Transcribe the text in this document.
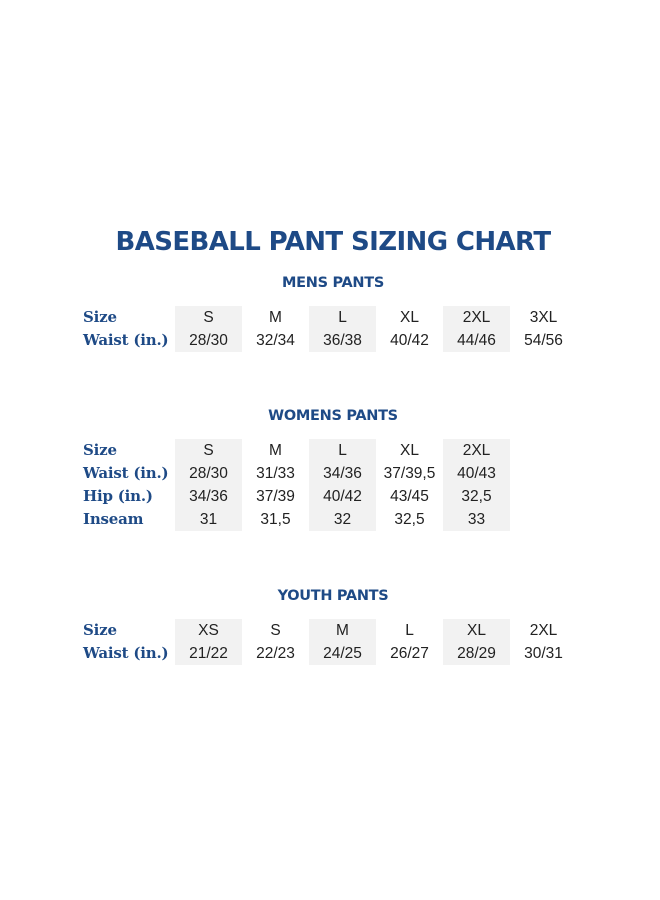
BASEBALL PANT SIZING CHART
MENS PANTS
Size	S	M	L	XL	2XL	3XL
Waist (in.)	28/30	32/34	36/38	40/42	44/46	54/56
WOMENS PANTS
Size	S	M	L	XL	2XL
Waist (in.)	28/30	31/33	34/36	37/39,5	40/43
Hip (in.)	34/36	37/39	40/42	43/45	32,5
Inseam	31	31,5	32	32,5	33
YOUTH PANTS
Size	XS	S	M	L	XL	2XL
Waist (in.)	21/22	22/23	24/25	26/27	28/29	30/31
